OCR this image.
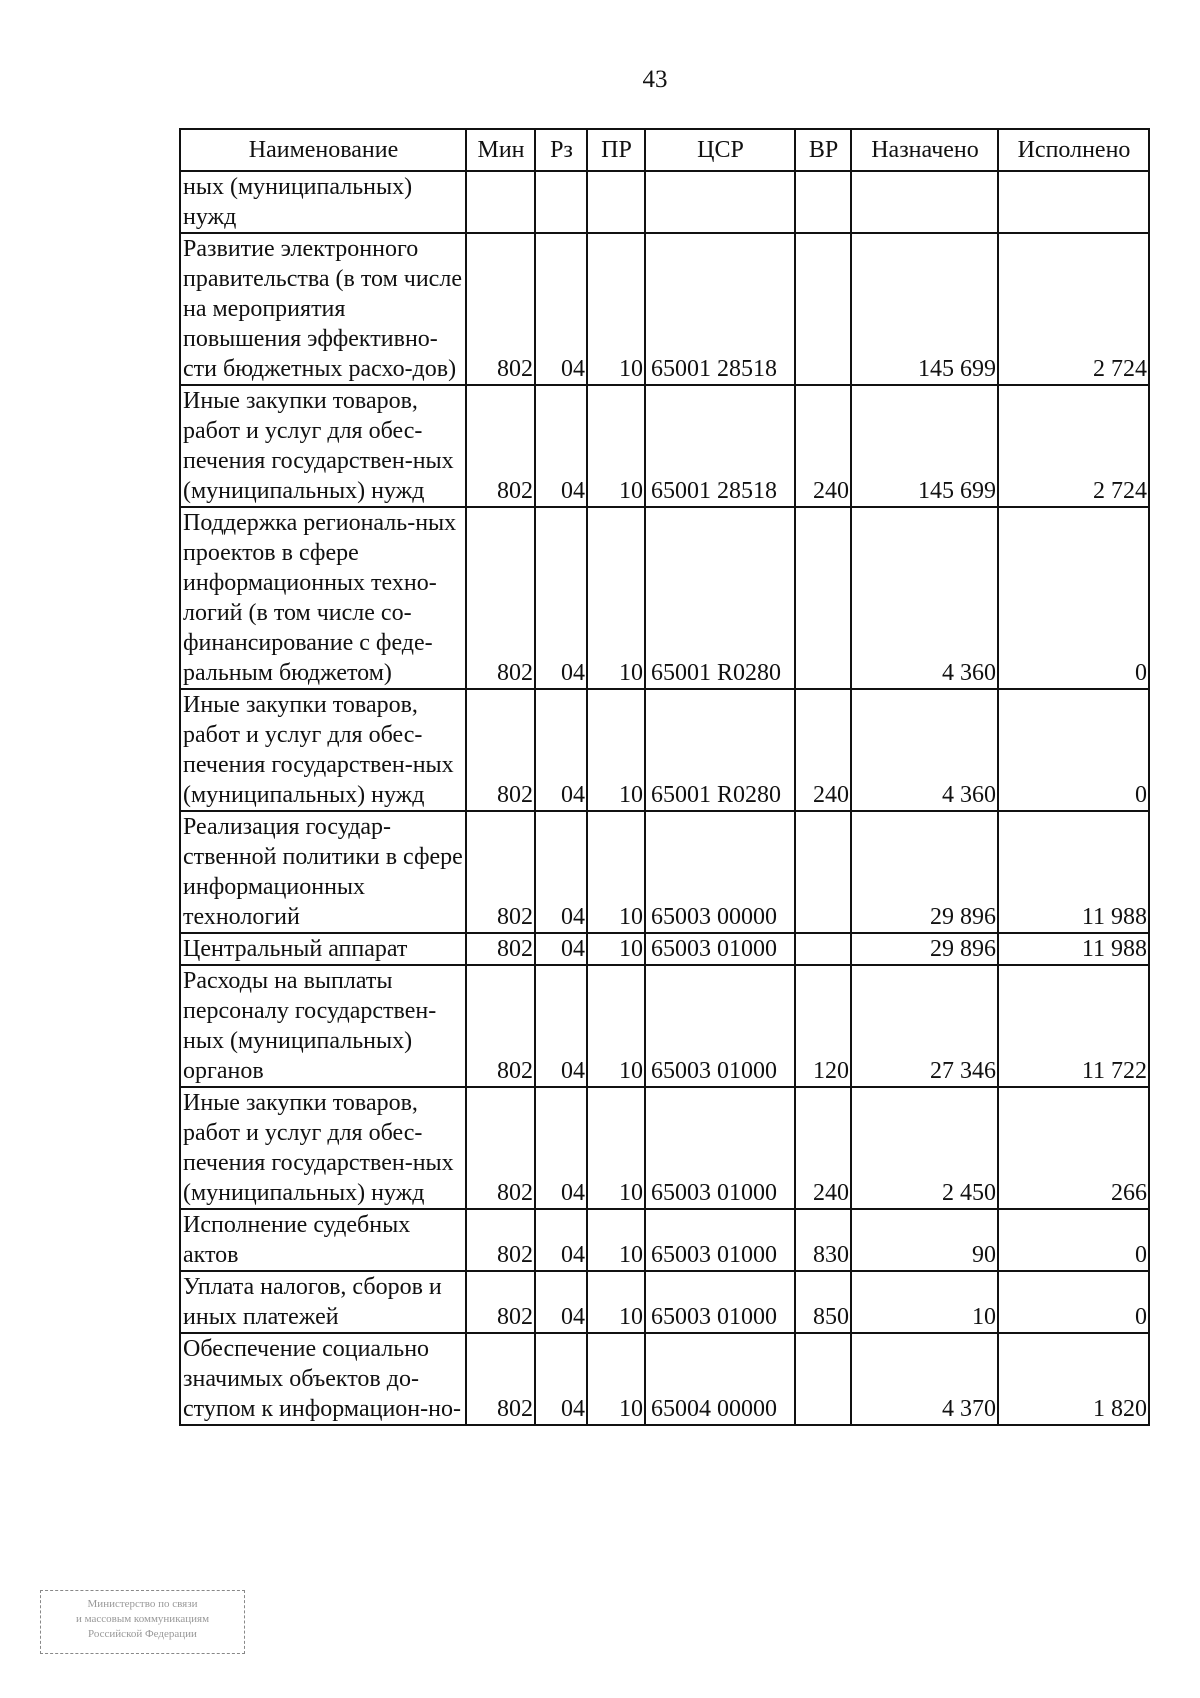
43
Наименование	Мин	Рз	ПР	ЦСР	ВР	Назначено	Исполнено
ных (муниципальных) нужд							
Развитие электронного правительства (в том числе на мероприятия повышения эффективно-сти бюджетных расхо-дов)	802	04	10	65001 28518		145 699	2 724
Иные закупки товаров, работ и услуг для обес-печения государствен-ных (муниципальных) нужд	802	04	10	65001 28518	240	145 699	2 724
Поддержка региональ-ных проектов в сфере информационных техно-логий (в том числе со-финансирование с феде-ральным бюджетом)	802	04	10	65001 R0280		4 360	0
Иные закупки товаров, работ и услуг для обес-печения государствен-ных (муниципальных) нужд	802	04	10	65001 R0280	240	4 360	0
Реализация государ-ственной политики в сфере информационных технологий	802	04	10	65003 00000		29 896	11 988
Центральный аппарат	802	04	10	65003 01000		29 896	11 988
Расходы на выплаты персоналу государствен-ных (муниципальных) органов	802	04	10	65003 01000	120	27 346	11 722
Иные закупки товаров, работ и услуг для обес-печения государствен-ных (муниципальных) нужд	802	04	10	65003 01000	240	2 450	266
Исполнение судебных актов	802	04	10	65003 01000	830	90	0
Уплата налогов, сборов и иных платежей	802	04	10	65003 01000	850	10	0
Обеспечение социально значимых объектов до-ступом к информацион-но-	802	04	10	65004 00000		4 370	1 820
Министерство по связи
и массовым коммуникациям
Российской Федерации
